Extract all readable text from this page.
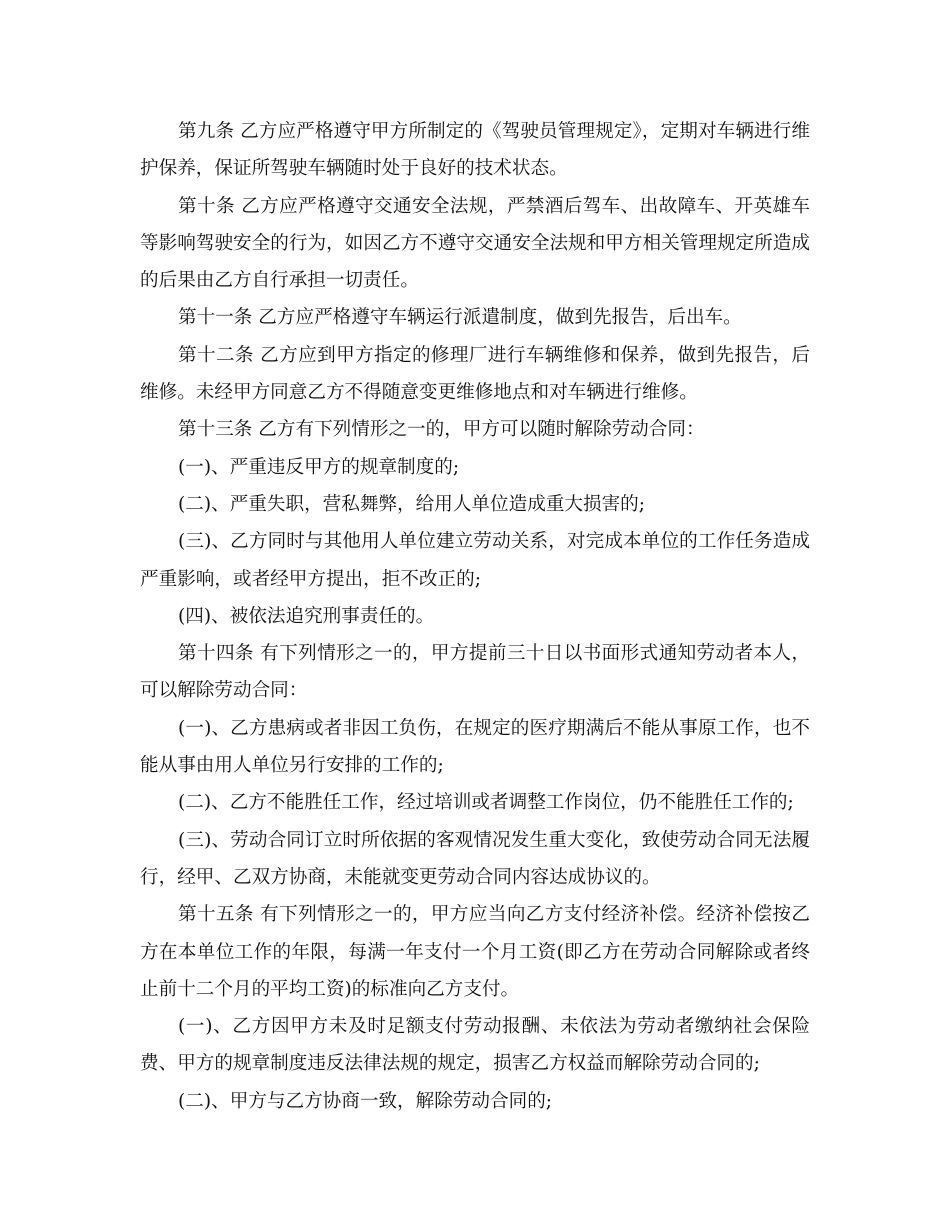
第九条 乙方应严格遵守甲方所制定的《驾驶员管理规定》，定期对车辆进行维护保养，保证所驾驶车辆随时处于良好的技术状态。

第十条 乙方应严格遵守交通安全法规，严禁酒后驾车、出故障车、开英雄车等影响驾驶安全的行为，如因乙方不遵守交通安全法规和甲方相关管理规定所造成的后果由乙方自行承担一切责任。

第十一条 乙方应严格遵守车辆运行派遣制度，做到先报告，后出车。

第十二条 乙方应到甲方指定的修理厂进行车辆维修和保养，做到先报告，后维修。未经甲方同意乙方不得随意变更维修地点和对车辆进行维修。

第十三条 乙方有下列情形之一的，甲方可以随时解除劳动合同：

(一)、严重违反甲方的规章制度的;

(二)、严重失职，营私舞弊，给用人单位造成重大损害的;

(三)、乙方同时与其他用人单位建立劳动关系，对完成本单位的工作任务造成严重影响，或者经甲方提出，拒不改正的;

(四)、被依法追究刑事责任的。

第十四条 有下列情形之一的，甲方提前三十日以书面形式通知劳动者本人， 可以解除劳动合同：

(一)、乙方患病或者非因工负伤，在规定的医疗期满后不能从事原工作，也不能从事由用人单位另行安排的工作的;

(二)、乙方不能胜任工作，经过培训或者调整工作岗位，仍不能胜任工作的;

(三)、劳动合同订立时所依据的客观情况发生重大变化，致使劳动合同无法履行，经甲、乙双方协商，未能就变更劳动合同内容达成协议的。

第十五条 有下列情形之一的，甲方应当向乙方支付经济补偿。经济补偿按乙方在本单位工作的年限，每满一年支付一个月工资(即乙方在劳动合同解除或者终止前十二个月的平均工资)的标准向乙方支付。

(一)、乙方因甲方未及时足额支付劳动报酬、未依法为劳动者缴纳社会保险费、甲方的规章制度违反法律法规的规定，损害乙方权益而解除劳动合同的;

(二)、甲方与乙方协商一致，解除劳动合同的;
